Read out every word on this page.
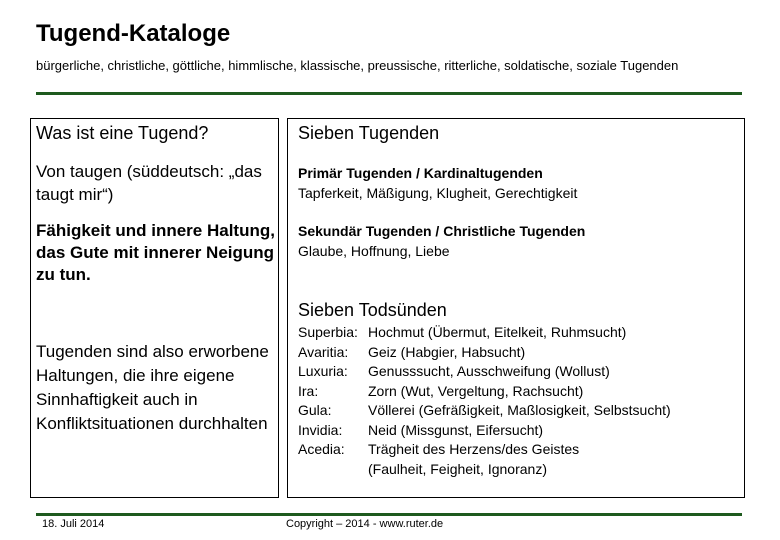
Tugend-Kataloge
bürgerliche, christliche, göttliche, himmlische, klassische, preussische, ritterliche, soldatische, soziale Tugenden
Was ist eine Tugend?
Von taugen (süddeutsch: „das taugt mir“)
Fähigkeit und innere Haltung, das Gute mit innerer Neigung zu tun.
Tugenden sind also erworbene Haltungen, die ihre eigene Sinnhaftigkeit auch in Konfliktsituationen durchhalten
Sieben Tugenden
Primär Tugenden / Kardinaltugenden
Tapferkeit, Mäßigung, Klugheit, Gerechtigkeit
Sekundär Tugenden / Christliche Tugenden
Glaube, Hoffnung, Liebe
Sieben Todsünden
Superbia: Hochmut (Übermut, Eitelkeit, Ruhmsucht)
Avaritia:	Geiz (Habgier, Habsucht)
Luxuria:	Genusssucht, Ausschweifung (Wollust)
Ira:	Zorn (Wut, Vergeltung, Rachsucht)
Gula:	Völlerei (Gefräßigkeit, Maßlosigkeit, Selbstsucht)
Invidia:	Neid (Missgunst, Eifersucht)
Acedia:	Trägheit des Herzens/des Geistes
(Faulheit, Feigheit, Ignoranz)
18. Juli 2014	Copyright – 2014 - www.ruter.de
